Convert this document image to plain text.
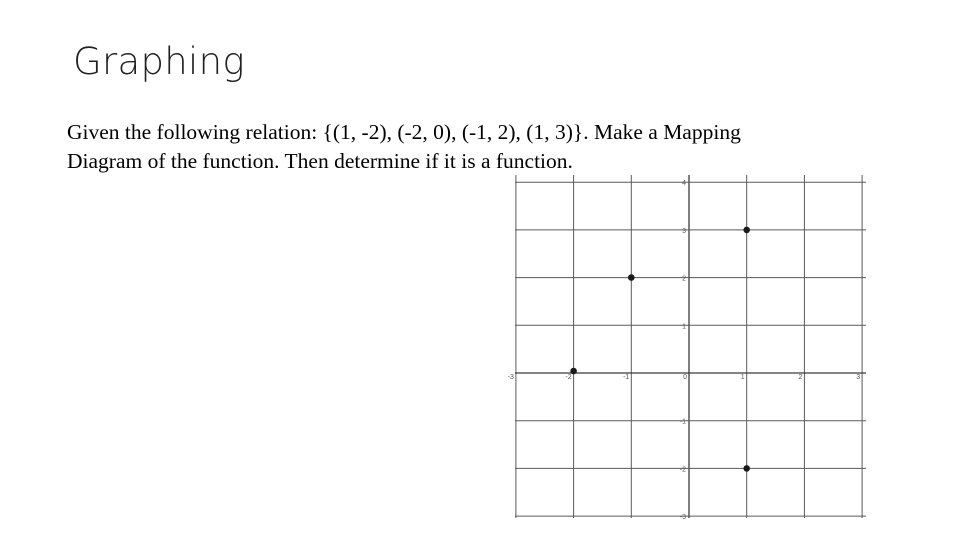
Graphing
Given the following relation: {(1, -2), (-2, 0), (-1, 2), (1, 3)}. Make a Mapping
Diagram of the function. Then determine if it is a function.
-3	-2	-1	0	1	2	3
-3
-2
-1
1
2
3
4
